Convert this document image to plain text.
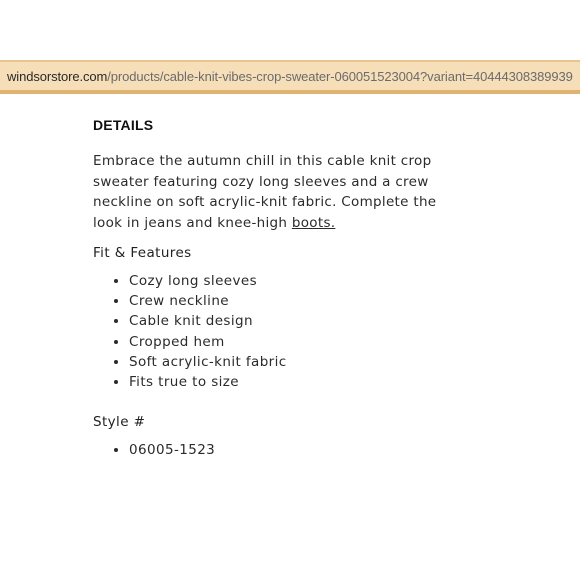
windsorstore.com /products/cable-knit-vibes-crop-sweater-060051523004?variant=40444308389939
DETAILS

Embrace the autumn chill in this cable knit crop sweater featuring cozy long sleeves and a crew neckline on soft acrylic-knit fabric. Complete the look in jeans and knee-high boots.

Fit & Features

• Cozy long sleeves
• Crew neckline
• Cable knit design
• Cropped hem
• Soft acrylic-knit fabric
• Fits true to size

Style #

• 06005-1523
